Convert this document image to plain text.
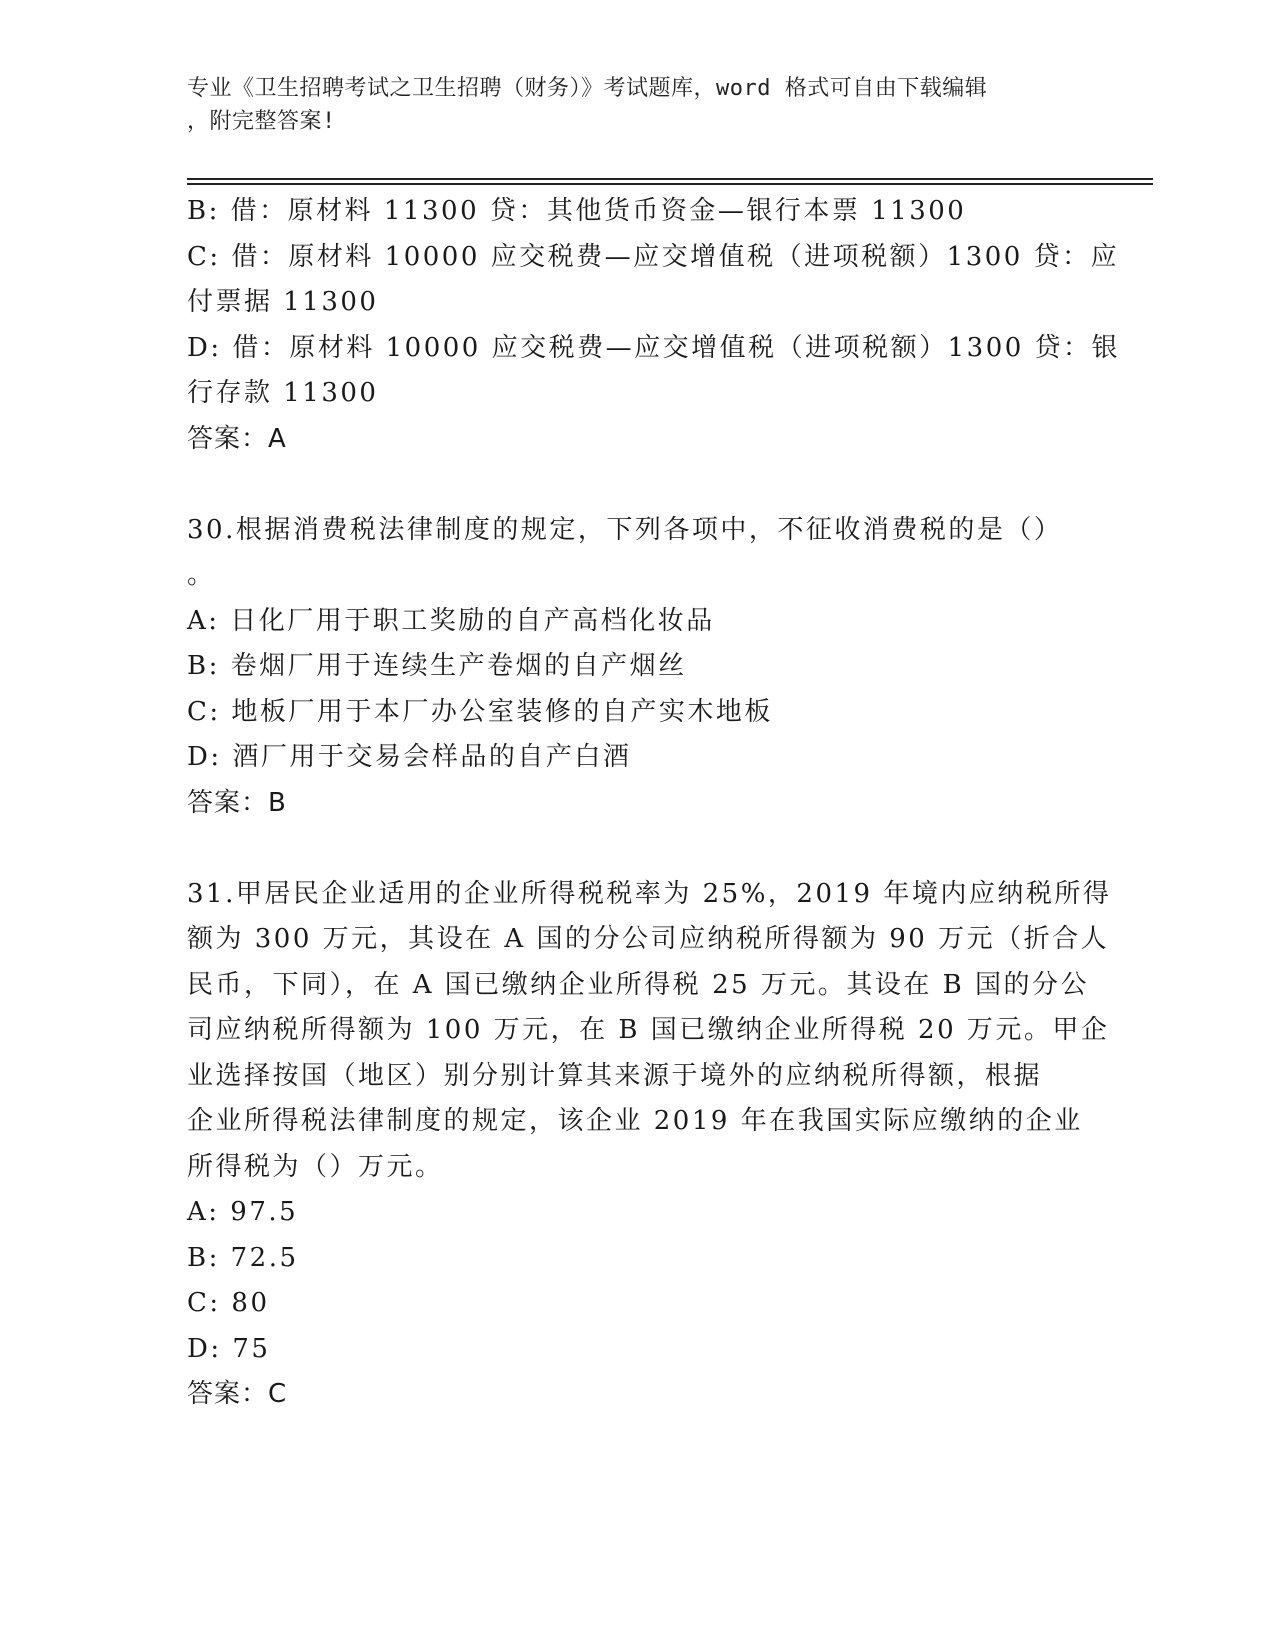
专业《卫生招聘考试之卫生招聘（财务）》考试题库，word 格式可自由下载编辑
，附完整答案!
B: 借：原材料 11300 贷：其他货币资金—银行本票 11300
C: 借：原材料 10000 应交税费—应交增值税（进项税额）1300 贷：应
付票据 11300
D: 借：原材料 10000 应交税费—应交增值税（进项税额）1300 贷：银
行存款 11300
答案：A
30.根据消费税法律制度的规定，下列各项中，不征收消费税的是（）
。
A: 日化厂用于职工奖励的自产高档化妆品
B: 卷烟厂用于连续生产卷烟的自产烟丝
C: 地板厂用于本厂办公室装修的自产实木地板
D: 酒厂用于交易会样品的自产白酒
答案：B
31.甲居民企业适用的企业所得税税率为 25%，2019 年境内应纳税所得
额为 300 万元，其设在 A 国的分公司应纳税所得额为 90 万元（折合人
民币，下同），在 A 国已缴纳企业所得税 25 万元。其设在 B 国的分公
司应纳税所得额为 100 万元，在 B 国已缴纳企业所得税 20 万元。甲企
业选择按国（地区）别分别计算其来源于境外的应纳税所得额，根据
企业所得税法律制度的规定，该企业 2019 年在我国实际应缴纳的企业
所得税为（）万元。
A: 97.5
B: 72.5
C: 80
D: 75
答案：C
